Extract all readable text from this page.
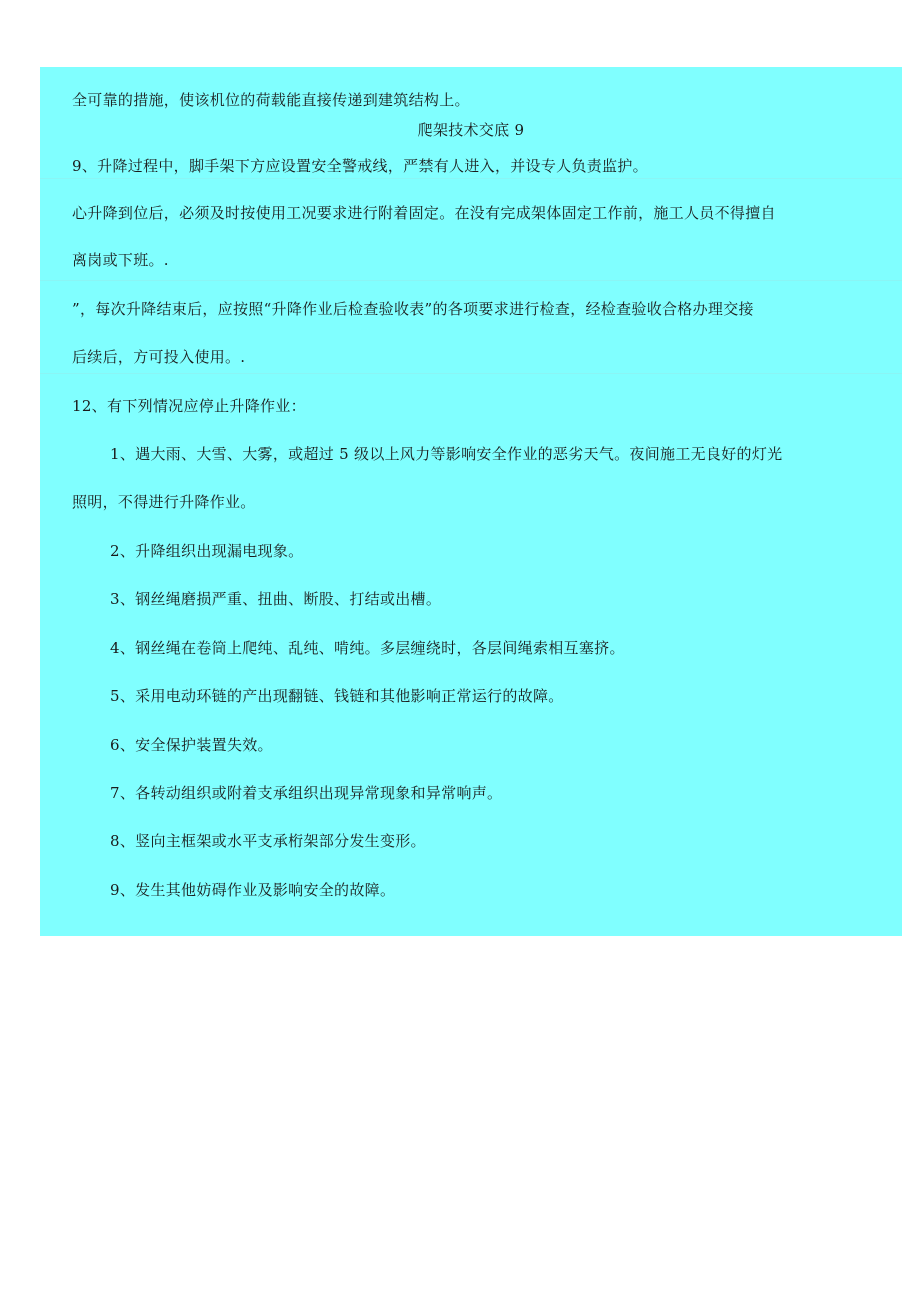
全可靠的措施，使该机位的荷载能直接传递到建筑结构上。
爬架技术交底 9
9、升降过程中，脚手架下方应设置安全警戒线，严禁有人进入，并设专人负责监护。
心升降到位后，必须及时按使用工况要求进行附着固定。在没有完成架体固定工作前，施工人员不得擅自
离岗或下班。.
”，每次升降结束后，应按照“升降作业后检查验收表”的各项要求进行检查，经检查验收合格办理交接
后续后，方可投入使用。.
12、有下列情况应停止升降作业：
1、遇大雨、大雪、大雾，或超过 5 级以上风力等影响安全作业的恶劣天气。夜间施工无良好的灯光
照明，不得进行升降作业。
2、升降组织出现漏电现象。
3、钢丝绳磨损严重、扭曲、断股、打结或出槽。
4、钢丝绳在卷筒上爬纯、乱纯、啃纯。多层缠绕时，各层间绳索相互塞挤。
5、采用电动环链的产出现翻链、钱链和其他影响正常运行的故障。
6、安全保护装置失效。
7、各转动组织或附着支承组织出现异常现象和异常响声。
8、竖向主框架或水平支承桁架部分发生变形。
9、发生其他妨碍作业及影响安全的故障。
